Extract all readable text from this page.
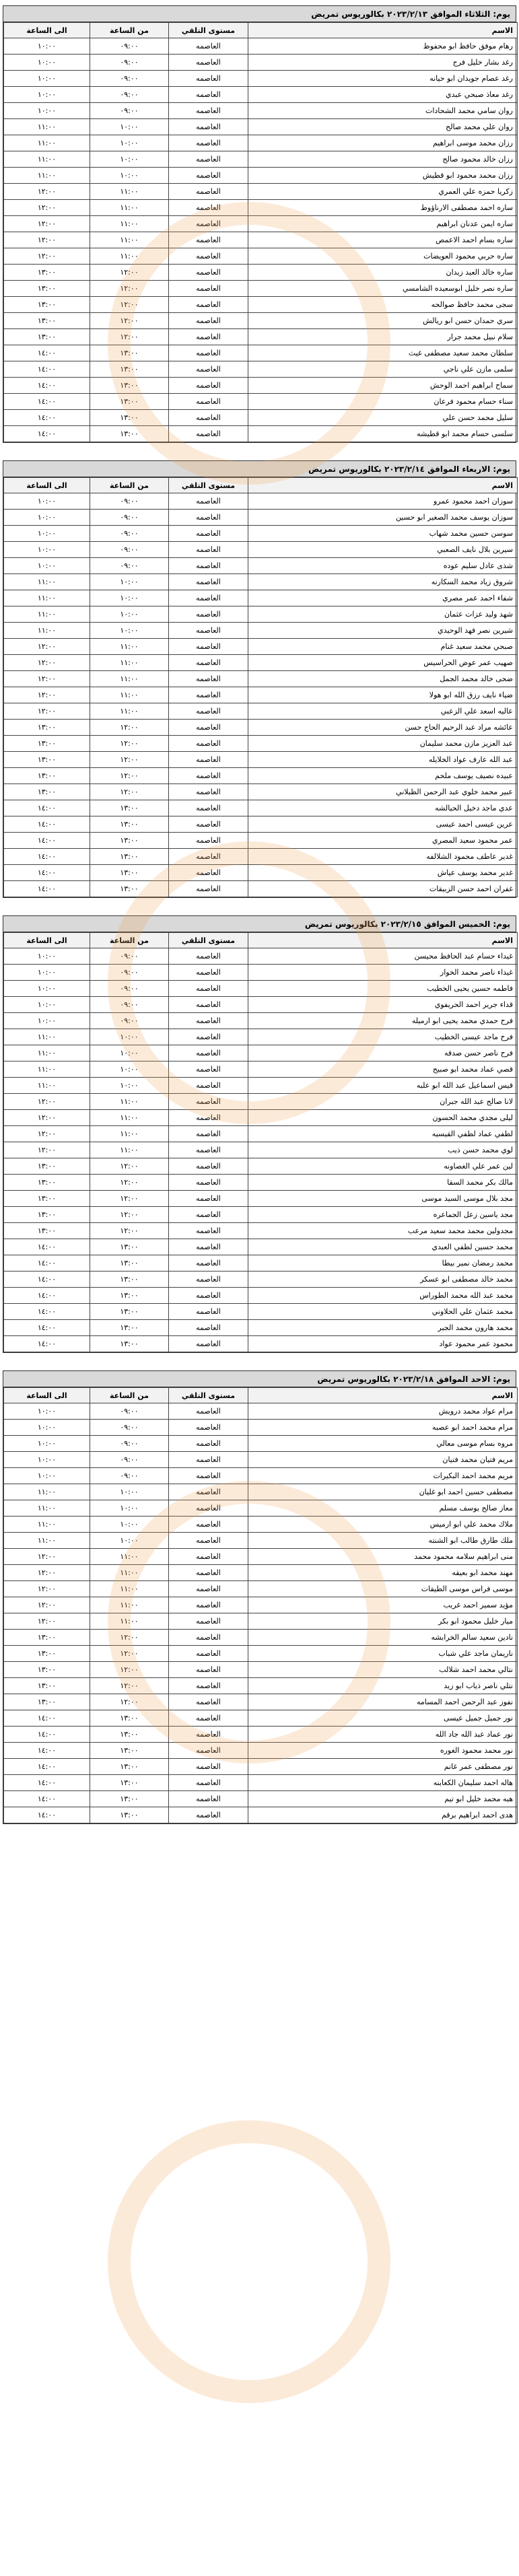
يوم: الثلاثاء الموافق ٢٠٢٣/٢/١٣ بكالوريوس تمريض
الاسم	مستوى التلقي	من الساعة	الى الساعة
رهام موفق حافظ ابو محفوظ	العاصمه	٠٩:٠٠	١٠:٠٠
رغد بشار خليل فرج	العاصمه	٠٩:٠٠	١٠:٠٠
رغد عصام جويدان ابو حيانه	العاصمه	٠٩:٠٠	١٠:٠٠
رغد معاذ صبحي عبدي	العاصمه	٠٩:٠٠	١٠:٠٠
روان سامي محمد الشحادات	العاصمه	٠٩:٠٠	١٠:٠٠
روان علي محمد صالح	العاصمه	١٠:٠٠	١١:٠٠
رزان محمد موسى ابراهيم	العاصمه	١٠:٠٠	١١:٠٠
رزان خالد محمود صالح	العاصمه	١٠:٠٠	١١:٠٠
رزان محمد محمود ابو قطيش	العاصمه	١٠:٠٠	١١:٠٠
زكريا حمزه علي العمري	العاصمه	١١:٠٠	١٢:٠٠
ساره احمد مصطفى الارناؤوط	العاصمه	١١:٠٠	١٢:٠٠
ساره ايمن عدنان ابراهيم	العاصمه	١١:٠٠	١٢:٠٠
ساره بسام احمد الاعمص	العاصمه	١١:٠٠	١٢:٠٠
ساره حربي محمود العويضات	العاصمه	١١:٠٠	١٢:٠٠
ساره خالد العبد زيدان	العاصمه	١٢:٠٠	١٣:٠٠
ساره نصر خليل ابوسعيده الشامسي	العاصمه	١٢:٠٠	١٣:٠٠
سجى محمد حافظ صوالحه	العاصمه	١٢:٠٠	١٣:٠٠
سري حمدان حسن ابو ريالش	العاصمه	١٢:٠٠	١٣:٠٠
سلام نبيل محمد جرار	العاصمه	١٢:٠٠	١٣:٠٠
سلطان محمد سعيد مصطفى غيث	العاصمه	١٣:٠٠	١٤:٠٠
سلمى مازن علي ناجي	العاصمه	١٣:٠٠	١٤:٠٠
سماح ابراهيم احمد الوحش	العاصمه	١٣:٠٠	١٤:٠٠
سناء حسام محمود فرعان	العاصمه	١٣:٠٠	١٤:٠٠
سليل محمد حسن علي	العاصمه	١٣:٠٠	١٤:٠٠
سلسى حسام محمد ابو قطيشه	العاصمه	١٣:٠٠	١٤:٠٠
يوم: الاربعاء الموافق ٢٠٢٣/٢/١٤ بكالوريوس تمريض
الاسم	مستوى التلقي	من الساعة	الى الساعة
سوزان احمد محمود عمرو	العاصمه	٠٩:٠٠	١٠:٠٠
سوزان يوسف محمد الصغير ابو حسين	العاصمه	٠٩:٠٠	١٠:٠٠
سوسن حسين محمد شهاب	العاصمه	٠٩:٠٠	١٠:٠٠
سيرين بلال نايف الصعبي	العاصمه	٠٩:٠٠	١٠:٠٠
شذى عادل سليم عوده	العاصمه	٠٩:٠٠	١٠:٠٠
شروق زياد محمد السكارنه	العاصمه	١٠:٠٠	١١:٠٠
شفاء احمد عمر مصري	العاصمه	١٠:٠٠	١١:٠٠
شهد وليد عزات عثمان	العاصمه	١٠:٠٠	١١:٠٠
شيرين نصر فهد الوحيدي	العاصمه	١٠:٠٠	١١:٠٠
صبحي محمد سعيد غنام	العاصمه	١١:٠٠	١٢:٠٠
صهيب عمر عوض الحراسيس	العاصمه	١١:٠٠	١٢:٠٠
ضحى خالد محمد الجمل	العاصمه	١١:٠٠	١٢:٠٠
ضياء نايف رزق الله ابو هولا	العاصمه	١١:٠٠	١٢:٠٠
عاليه اسعد علي الزعبي	العاصمه	١١:٠٠	١٢:٠٠
عائشه مراد عبد الرحيم الحاج حسن	العاصمه	١٢:٠٠	١٣:٠٠
عبد العزيز مازن محمد سليمان	العاصمه	١٢:٠٠	١٣:٠٠
عبد الله عارف عواد الخلايله	العاصمه	١٢:٠٠	١٣:٠٠
عبيده نصيف يوسف ملحم	العاصمه	١٢:٠٠	١٣:٠٠
عبير محمد خلوي عبد الرحمن الظبلاني	العاصمه	١٢:٠٠	١٣:٠٠
عدي ماجد دخيل الحيالشه	العاصمه	١٣:٠٠	١٤:٠٠
عرين عيسى احمد عيسى	العاصمه	١٣:٠٠	١٤:٠٠
عمر محمود سعيد المصري	العاصمه	١٣:٠٠	١٤:٠٠
غدير عاطف محمود الشلالفه	العاصمه	١٣:٠٠	١٤:٠٠
غدير محمد يوسف عياش	العاصمه	١٣:٠٠	١٤:٠٠
غفران احمد حسن الزبيقات	العاصمه	١٣:٠٠	١٤:٠٠
يوم: الخميس الموافق ٢٠٢٣/٢/١٥ بكالوريوس تمريض
الاسم	مستوى التلقي	من الساعة	الى الساعة
غيداء حسام عبد الحافظ محيسن	العاصمه	٠٩:٠٠	١٠:٠٠
غيداء ناصر محمد الخوار	العاصمه	٠٩:٠٠	١٠:٠٠
فاطمه حسين يحيى الخطيب	العاصمه	٠٩:٠٠	١٠:٠٠
قداء جرير احمد الحريفوي	العاصمه	٠٩:٠٠	١٠:٠٠
فرح حمدي محمد يحيى ابو ارميله	العاصمه	٠٩:٠٠	١٠:٠٠
فرح ماجد عيسى الخطيب	العاصمه	١٠:٠٠	١١:٠٠
فرح ناصر حسن صدقه	العاصمه	١٠:٠٠	١١:٠٠
قصي عماد محمد ابو صبيح	العاصمه	١٠:٠٠	١١:٠٠
قيس اسماعيل عبد الله ابو علبه	العاصمه	١٠:٠٠	١١:٠٠
لانا صالح عبد الله جبران	العاصمه	١١:٠٠	١٢:٠٠
ليلى مجدي محمد الحسون	العاصمه	١١:٠٠	١٢:٠٠
لطفي عماد لطفي القيسيه	العاصمه	١١:٠٠	١٢:٠٠
لوي محمد حسن ذيب	العاصمه	١١:٠٠	١٢:٠٠
لين عمر علي الغصاونه	العاصمه	١٢:٠٠	١٣:٠٠
مالك بكر محمد السقا	العاصمه	١٢:٠٠	١٣:٠٠
مجد بلال موسى السيد موسى	العاصمه	١٢:٠٠	١٣:٠٠
مجد ياسين زعل الجماعره	العاصمه	١٢:٠٠	١٣:٠٠
مجدولين محمد محمد سعيد مرعب	العاصمه	١٢:٠٠	١٣:٠٠
محمد حسين لطفي العبدي	العاصمه	١٣:٠٠	١٤:٠٠
محمد رمضان نمير بيطا	العاصمه	١٣:٠٠	١٤:٠٠
محمد خالد مصطفى ابو عسكر	العاصمه	١٣:٠٠	١٤:٠٠
محمد عبد الله محمد الطوراس	العاصمه	١٣:٠٠	١٤:٠٠
محمد عثمان علي الحلاوني	العاصمه	١٣:٠٠	١٤:٠٠
محمد هارون محمد الجبر	العاصمه	١٣:٠٠	١٤:٠٠
محمود عمر محمود عواد	العاصمه	١٣:٠٠	١٤:٠٠
يوم: الاحد الموافق ٢٠٢٣/٢/١٨ بكالوريوس تمريض
الاسم	مستوى التلقي	من الساعة	الى الساعة
مرام عواد محمد درويش	العاصمه	٠٩:٠٠	١٠:٠٠
مرام محمد احمد ابو عصبه	العاصمه	٠٩:٠٠	١٠:٠٠
مروه بسام موسى معالي	العاصمه	٠٩:٠٠	١٠:٠٠
مريم فتيان محمد فتيان	العاصمه	٠٩:٠٠	١٠:٠٠
مريم محمد احمد البكيرات	العاصمه	٠٩:٠٠	١٠:٠٠
مصطفى حسين احمد ابو غليان	العاصمه	١٠:٠٠	١١:٠٠
معاز صالح يوسف مسلم	العاصمه	١٠:٠٠	١١:٠٠
ملاك محمد علي ابو ارميس	العاصمه	١٠:٠٠	١١:٠٠
ملك طارق طالب ابو الشنته	العاصمه	١٠:٠٠	١١:٠٠
منى ابراهيم سلامه محمود محمد	العاصمه	١١:٠٠	١٢:٠٠
مهند محمد ابو بعيقه	العاصمه	١١:٠٠	١٢:٠٠
موسى فراس موسى الطيقات	العاصمه	١١:٠٠	١٢:٠٠
مؤيد سمير احمد غريب	العاصمه	١١:٠٠	١٢:٠٠
ميار خليل محمود ابو بكر	العاصمه	١١:٠٠	١٢:٠٠
نادين سعيد سالم الخرابشه	العاصمه	١٢:٠٠	١٣:٠٠
ناريمان ماجد علي شباب	العاصمه	١٢:٠٠	١٣:٠٠
نتالي محمد احمد شلالب	العاصمه	١٢:٠٠	١٣:٠٠
نتلي ناصر ذياب ابو زيد	العاصمه	١٢:٠٠	١٣:٠٠
نفوز عبد الرحمن احمد المسامه	العاصمه	١٢:٠٠	١٣:٠٠
نور جميل جميل عيسى	العاصمه	١٣:٠٠	١٤:٠٠
نور عماد عبد الله جاد الله	العاصمه	١٣:٠٠	١٤:٠٠
نور محمد محمود الغوره	العاصمه	١٣:٠٠	١٤:٠٠
نور مصطفى عمر غانم	العاصمه	١٣:٠٠	١٤:٠٠
هاله احمد سليمان الكعابنه	العاصمه	١٣:٠٠	١٤:٠٠
هبه محمد خليل ابو تيم	العاصمه	١٣:٠٠	١٤:٠٠
هدى احمد ابراهيم برقم	العاصمه	١٣:٠٠	١٤:٠٠
